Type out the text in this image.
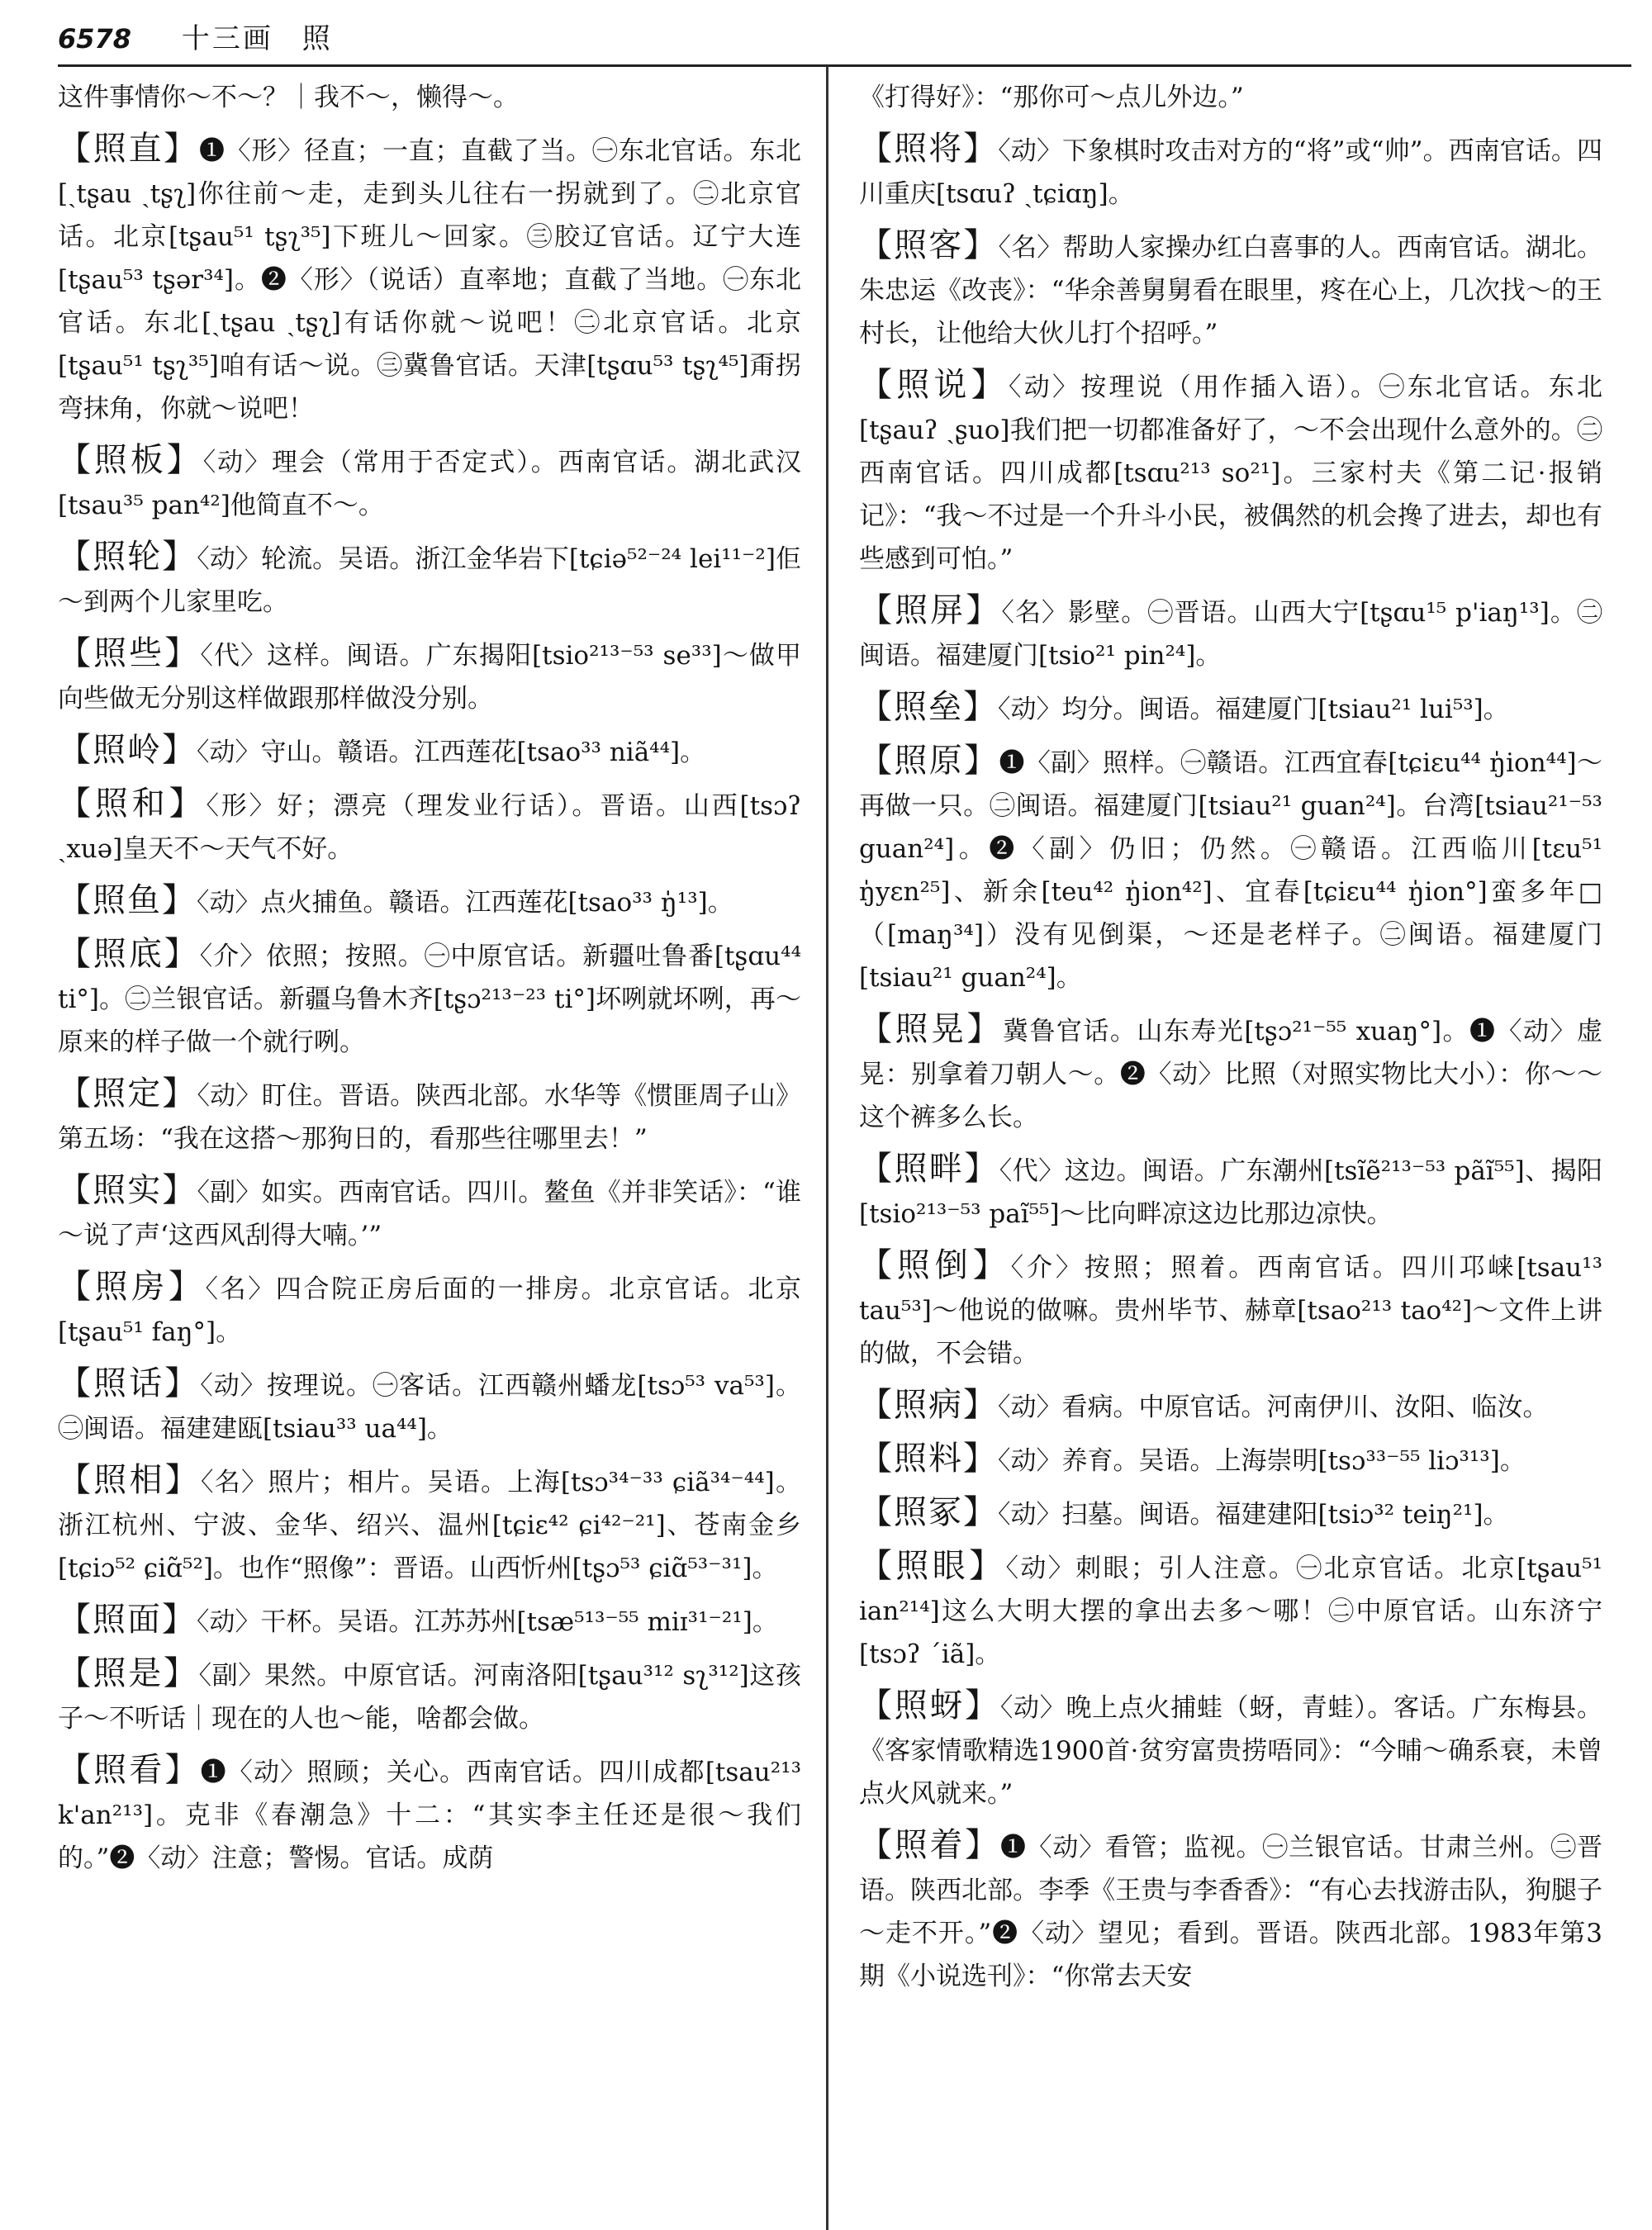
6578 十三画 照

这件事情你～不～？｜我不～，懒得～。

【照直】❶〈形〉径直；一直；直截了当。㊀东北官话。东北[ˏtʂau ˏtʂʅ]你往前～走，走到头儿往右一拐就到了。㊁北京官话。北京[tʂau⁵¹ tʂʅ³⁵]下班儿～回家。㊂胶辽官话。辽宁大连[tʂau⁵³ tʂər³⁴]。❷〈形〉（说话）直率地；直截了当地。㊀东北官话。东北[ˏtʂau ˏtʂʅ]有话你就～说吧！㊁北京官话。北京[tʂau⁵¹ tʂʅ³⁵]咱有话～说。㊂冀鲁官话。天津[tʂɑu⁵³ tʂʅ⁴⁵]甭拐弯抹角，你就～说吧！

【照板】〈动〉理会（常用于否定式）。西南官话。湖北武汉[tsau³⁵ pan⁴²]他简直不～。

【照轮】〈动〉轮流。吴语。浙江金华岩下[tɕiə⁵²⁻²⁴ lei¹¹⁻²]佢～到两个儿家里吃。

【照些】〈代〉这样。闽语。广东揭阳[tsio²¹³⁻⁵³ se³³]～做甲向些做无分别这样做跟那样做没分别。

【照岭】〈动〉守山。赣语。江西莲花[tsao³³ niã⁴⁴]。

【照和】〈形〉好；漂亮（理发业行话）。晋语。山西[tsɔʔ ˏxuə]皇天不～天气不好。

【照鱼】〈动〉点火捕鱼。赣语。江西莲花[tsao³³ ŋ̍¹³]。

【照底】〈介〉依照；按照。㊀中原官话。新疆吐鲁番[tʂɑu⁴⁴ ti°]。㊁兰银官话。新疆乌鲁木齐[tʂɔ²¹³⁻²³ ti°]坏咧就坏咧，再～原来的样子做一个就行咧。

【照定】〈动〉盯住。晋语。陕西北部。水华等《惯匪周子山》第五场：“我在这搭～那狗日的，看那些往哪里去！”

【照实】〈副〉如实。西南官话。四川。鳌鱼《并非笑话》：“谁～说了声‘这西风刮得大喃。’”

【照房】〈名〉四合院正房后面的一排房。北京官话。北京[tʂau⁵¹ faŋ°]。

【照话】〈动〉按理说。㊀客话。江西赣州蟠龙[tsɔ⁵³ va⁵³]。㊁闽语。福建建瓯[tsiau³³ ua⁴⁴]。

【照相】〈名〉照片；相片。吴语。上海[tsɔ³⁴⁻³³ ɕiã³⁴⁻⁴⁴]。浙江杭州、宁波、金华、绍兴、温州[tɕiɛ⁴² ɕi⁴²⁻²¹]、苍南金乡[tɕiɔ⁵² ɕiɑ̃⁵²]。也作“照像”：晋语。山西忻州[tʂɔ⁵³ ɕiɑ̃⁵³⁻³¹]。

【照面】〈动〉干杯。吴语。江苏苏州[tsæ⁵¹³⁻⁵⁵ miɪ³¹⁻²¹]。

【照是】〈副〉果然。中原官话。河南洛阳[tʂau³¹² sʅ³¹²]这孩子～不听话｜现在的人也～能，啥都会做。

【照看】❶〈动〉照顾；关心。西南官话。四川成都[tsau²¹³ k'an²¹³]。克非《春潮急》十二：“其实李主任还是很～我们的。”❷〈动〉注意；警惕。官话。成荫

《打得好》：“那你可～点儿外边。”

【照将】〈动〉下象棋时攻击对方的“将”或“帅”。西南官话。四川重庆[tsɑuʔ ˏtɕiɑŋ]。

【照客】〈名〉帮助人家操办红白喜事的人。西南官话。湖北。朱忠运《改丧》：“华余善舅舅看在眼里，疼在心上，几次找～的王村长，让他给大伙儿打个招呼。”

【照说】〈动〉按理说（用作插入语）。㊀东北官话。东北[tʂauʔ ˏʂuo]我们把一切都准备好了，～不会出现什么意外的。㊁西南官话。四川成都[tsɑu²¹³ so²¹]。三家村夫《第二记·报销记》：“我～不过是一个升斗小民，被偶然的机会搀了进去，却也有些感到可怕。”

【照屏】〈名〉影壁。㊀晋语。山西大宁[tʂɑu¹⁵ p'iaŋ¹³]。㊁闽语。福建厦门[tsio²¹ pin²⁴]。

【照垒】〈动〉均分。闽语。福建厦门[tsiau²¹ lui⁵³]。

【照原】❶〈副〉照样。㊀赣语。江西宜春[tɕiɛu⁴⁴ ŋ̍ion⁴⁴]～再做一只。㊁闽语。福建厦门[tsiau²¹ guan²⁴]。台湾[tsiau²¹⁻⁵³ guan²⁴]。❷〈副〉仍旧；仍然。㊀赣语。江西临川[tɛu⁵¹ ŋ̍yɛn²⁵]、新余[teu⁴² ŋ̍ion⁴²]、宜春[tɕiɛu⁴⁴ ŋ̍ion°]蛮多年□（[maŋ³⁴]）没有见倒渠，～还是老样子。㊁闽语。福建厦门[tsiau²¹ guan²⁴]。

【照晃】冀鲁官话。山东寿光[tʂɔ²¹⁻⁵⁵ xuaŋ°]。❶〈动〉虚晃：别拿着刀朝人～。❷〈动〉比照（对照实物比大小）：你～～这个裤多么长。

【照畔】〈代〉这边。闽语。广东潮州[tsĩẽ²¹³⁻⁵³ pãĩ⁵⁵]、揭阳[tsio²¹³⁻⁵³ paĩ⁵⁵]～比向畔凉这边比那边凉快。

【照倒】〈介〉按照；照着。西南官话。四川邛崃[tsau¹³ tau⁵³]～他说的做嘛。贵州毕节、赫章[tsao²¹³ tao⁴²]～文件上讲的做，不会错。

【照病】〈动〉看病。中原官话。河南伊川、汝阳、临汝。

【照料】〈动〉养育。吴语。上海崇明[tsɔ³³⁻⁵⁵ liɔ³¹³]。

【照冢】〈动〉扫墓。闽语。福建建阳[tsiɔ³² teiŋ²¹]。

【照眼】〈动〉刺眼；引人注意。㊀北京官话。北京[tʂau⁵¹ ian²¹⁴]这么大明大摆的拿出去多～哪！㊁中原官话。山东济宁[tsɔʔ ˊiã]。

【照蚜】〈动〉晚上点火捕蛙（蚜，青蛙）。客话。广东梅县。《客家情歌精选1900首·贫穷富贵捞唔同》：“今晡～确系衰，未曾点火风就来。”

【照着】❶〈动〉看管；监视。㊀兰银官话。甘肃兰州。㊁晋语。陕西北部。李季《王贵与李香香》：“有心去找游击队，狗腿子～走不开。”❷〈动〉望见；看到。晋语。陕西北部。1983年第3期《小说选刊》：“你常去天安
